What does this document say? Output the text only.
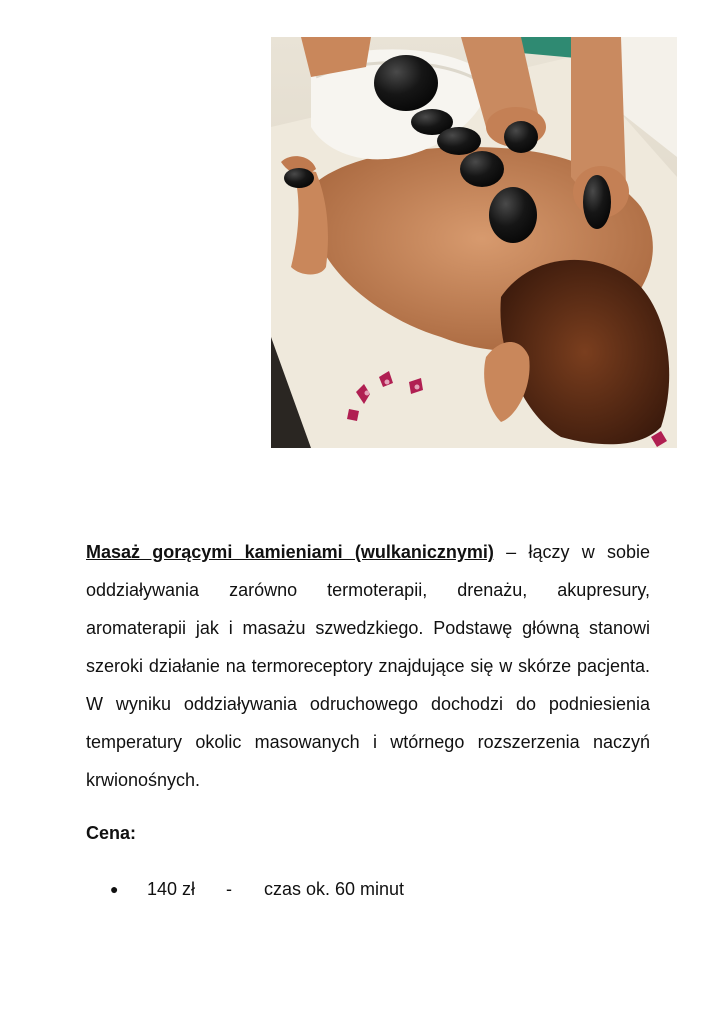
Masaż gorącymi kamieniami (wulkanicznymi) – łączy w sobie oddziaływania zarówno termoterapii, drenażu, akupresury, aromaterapii jak i masażu szwedzkiego. Podstawę główną stanowi szeroki działanie na termoreceptory znajdujące się w skórze pacjenta. W wyniku oddziaływania odruchowego dochodzi do podniesienia temperatury okolic masowanych i wtórnego rozszerzenia naczyń krwionośnych.
Cena:
●	140 zł	-	czas ok. 60 minut
